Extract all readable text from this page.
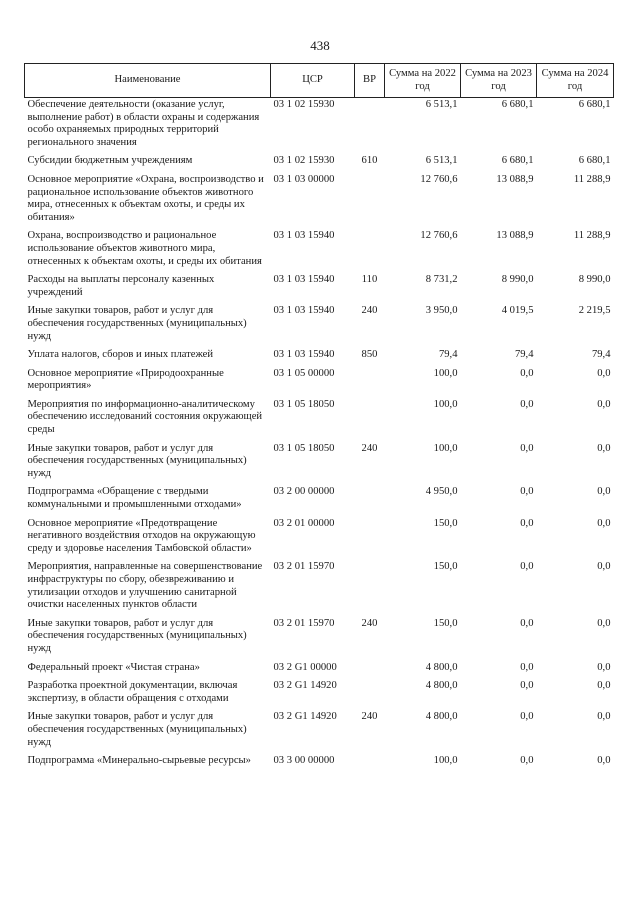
438
Наименование	ЦСР	ВР	Сумма на 2022 год	Сумма на 2023 год	Сумма на 2024 год
Обеспечение деятельности (оказание услуг, выполнение работ) в области охраны и содержания особо охраняемых природных территорий регионального значения	03 1 02 15930		6 513,1	6 680,1	6 680,1
Субсидии бюджетным учреждениям	03 1 02 15930	610	6 513,1	6 680,1	6 680,1
Основное мероприятие «Охрана, воспроизводство и рациональное использование объектов животного мира, отнесенных к объектам охоты, и среды их обитания»	03 1 03 00000		12 760,6	13 088,9	11 288,9
Охрана, воспроизводство и рациональное использование объектов животного мира, отнесенных к объектам охоты, и среды их обитания	03 1 03 15940		12 760,6	13 088,9	11 288,9
Расходы на выплаты персоналу казенных учреждений	03 1 03 15940	110	8 731,2	8 990,0	8 990,0
Иные закупки товаров, работ и услуг для обеспечения государственных (муниципальных) нужд	03 1 03 15940	240	3 950,0	4 019,5	2 219,5
Уплата налогов, сборов и иных платежей	03 1 03 15940	850	79,4	79,4	79,4
Основное мероприятие «Природоохранные мероприятия»	03 1 05 00000		100,0	0,0	0,0
Мероприятия по информационно-аналитическому обеспечению исследований состояния окружающей среды	03 1 05 18050		100,0	0,0	0,0
Иные закупки товаров, работ и услуг для обеспечения государственных (муниципальных) нужд	03 1 05 18050	240	100,0	0,0	0,0
Подпрограмма «Обращение с твердыми коммунальными и промышленными отходами»	03 2 00 00000		4 950,0	0,0	0,0
Основное мероприятие «Предотвращение негативного воздействия отходов на окружающую среду и здоровье населения Тамбовской области»	03 2 01 00000		150,0	0,0	0,0
Мероприятия, направленные на совершенствование инфраструктуры по сбору, обезвреживанию и утилизации отходов и улучшению санитарной очистки населенных пунктов области	03 2 01 15970		150,0	0,0	0,0
Иные закупки товаров, работ и услуг для обеспечения государственных (муниципальных) нужд	03 2 01 15970	240	150,0	0,0	0,0
Федеральный проект «Чистая страна»	03 2 G1 00000		4 800,0	0,0	0,0
Разработка проектной документации, включая экспертизу, в области обращения с отходами	03 2 G1 14920		4 800,0	0,0	0,0
Иные закупки товаров, работ и услуг для обеспечения государственных (муниципальных) нужд	03 2 G1 14920	240	4 800,0	0,0	0,0
Подпрограмма «Минерально-сырьевые ресурсы»	03 3 00 00000		100,0	0,0	0,0
